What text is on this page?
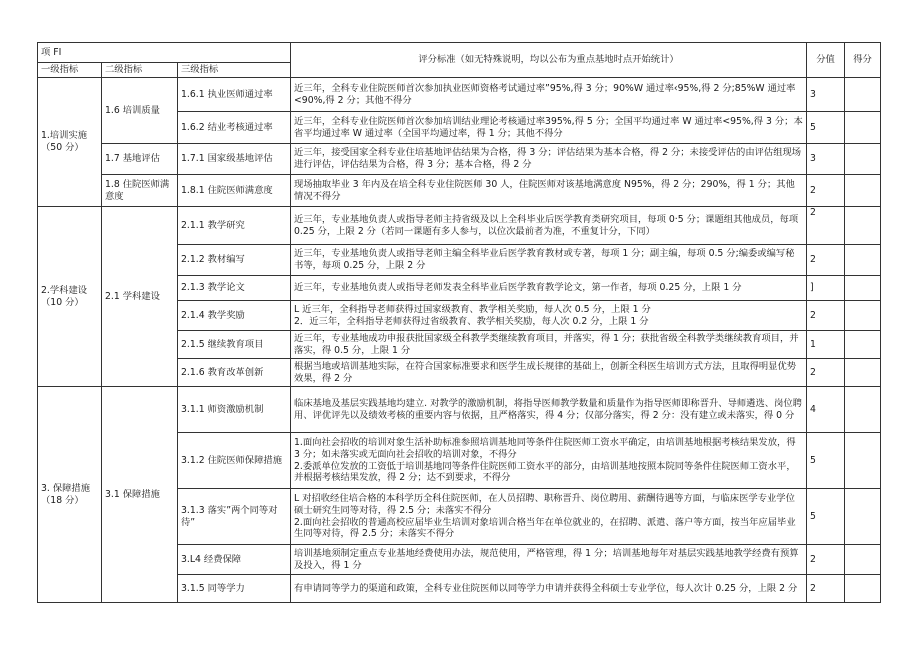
项 FI			评分标准（如无特殊说明，均以公布为重点基地时点开始统计）	分值	得分
一级指标	二级指标	三级指标			
1.培训实施（50 分）	1.6 培训质量	1.6.1 执业医师通过率	近三年，全科专业住院医师首次参加执业医师资格考试通过率”95%,得 3 分；90%W 通过率‹95%,得 2 分;85%W 通过率<90%,得 2 分；其他不得分	3	
		1.6.2 结业考核通过率	近三年，全科专业住院医师首次参加培训结业理论考核通过率395%,得 5 分；全国平均通过率 W 通过率<95%,得 3 分；本省平均通过率 W 通过率（全国平均通过率，得 1 分；其他不得分	5	
	1.7 基地评估	1.7.1 国家级基地评估	近三年，接受国家全科专业住培基地评估结果为合格，得 3 分；评估结果为基本合格，得 2 分；未接受评估的由评估组现场进行评估，评估结果为合格，得 3 分；基本合格，得 2 分	3	
	1.8 住院医师满意度	1.8.1 住院医师满意度	现场抽取毕业 3 年内及在培全科专业住院医师 30 人，住院医师对该基地满意度 N95%，得 2 分；290%，得 1 分；其他情况不得分	2	
2.学科建设（10 分）	2.1 学科建设	2.1.1 教学研究	近三年，专业基地负责人或指导老师主持省级及以上全科毕业后医学教育类研究项目，每项 0·5 分；课题组其他成员，每项 0.25 分，上限 2 分（若同一课题有多人参与，以位次最前者为准，不重复计分，下同）	2	
		2.1.2 教材编写	近三年，专业基地负责人或指导老师主编全科毕业后医学教育教材或专著，每项 1 分；副主编，每项 0.5 分;编委或编写秘书等，每项 0.25 分，上限 2 分	2	
		2.1.3 教学论文	近三年，专业基地负责人或指导老师发表全科毕业后医学教育教学论文，第一作者，每项 0.25 分，上限 1 分	]	
		2.1.4 教学奖励	L 近三年，全科指导老师获得过国家级教育、教学相关奖励，每人次 0.5 分，上限 1 分
2．近三年，全科指导老师获得过省级教育、教学相关奖励，每人次 0.2 分，上限 1 分	2	
		2.1.5 继续教育项目	近三年，专业基地成功申报获批国家级全科教学类继续教育项目，并落实，得 1 分；获批省级全科教学类继续教育项目，并落实，得 0.5 分，上限 1 分	1	
		2.1.6 教育改革创新	根据当地或培训基地实际，在符合国家标准要求和医学生成长规律的基础上，创新全科医生培训方式方法，且取得明显优势效果，得 2 分	2	
3. 保障措施（18 分）	3.1 保障措施	3.1.1 师资激励机制	临床基地及基层实践基地均建立. 对教学的激励机制，将指导医师教学数量和质量作为指导医师即称晋升、导师遴选、岗位聘用、评优评先以及绩效考核的重要内容与依据，且严格落实，得 4 分；仅部分落实，得 2 分：没有建立或未落实，得 0 分	4	
		3.1.2 住院医师保障措施	1.面向社会招收的培训对象生活补助标准参照培训基地同等条件住院医师工资水平确定，由培训基地根据考核结果发放，得 3 分；如未落实或无面向社会招收的培训对象，不得分
2.委派单位发放的工资低于培训基地同等条件住院医师工资水平的部分，由培训基地按照本院同等条件住院医师工资水平，并根据考核结果发放，得 2 分；达不到要求，不得分	5	
		3.1.3 落实”两个同等对待”	L 对招收经住培合格的本科学历全科住院医师，在人员招聘、职称晋升、岗位聘用、薪酬待遇等方面，与临床医学专业学位硕士研究生同等对待，得 2.5 分；未落实不得分
2.面向社会招收的普通高校应届毕业生培训对象培训合格当年在单位就业的，在招聘、派遣、落户等方面，按当年应届毕业生同等对待，得 2.5 分；未落实不得分	5	
		3.L4 经费保障	培训基地须制定重点专业基地经费使用办法，规范使用，严格管理，得 1 分；培训基地每年对基层实践基地教学经费有预算及投入，得 1 分	2	
		3.1.5 同等学力	有申请同等学力的渠道和政策，全科专业住院医师以同等学力申请并获得全科硕士专业学位，每人次计 0.25 分，上限 2 分	2	
